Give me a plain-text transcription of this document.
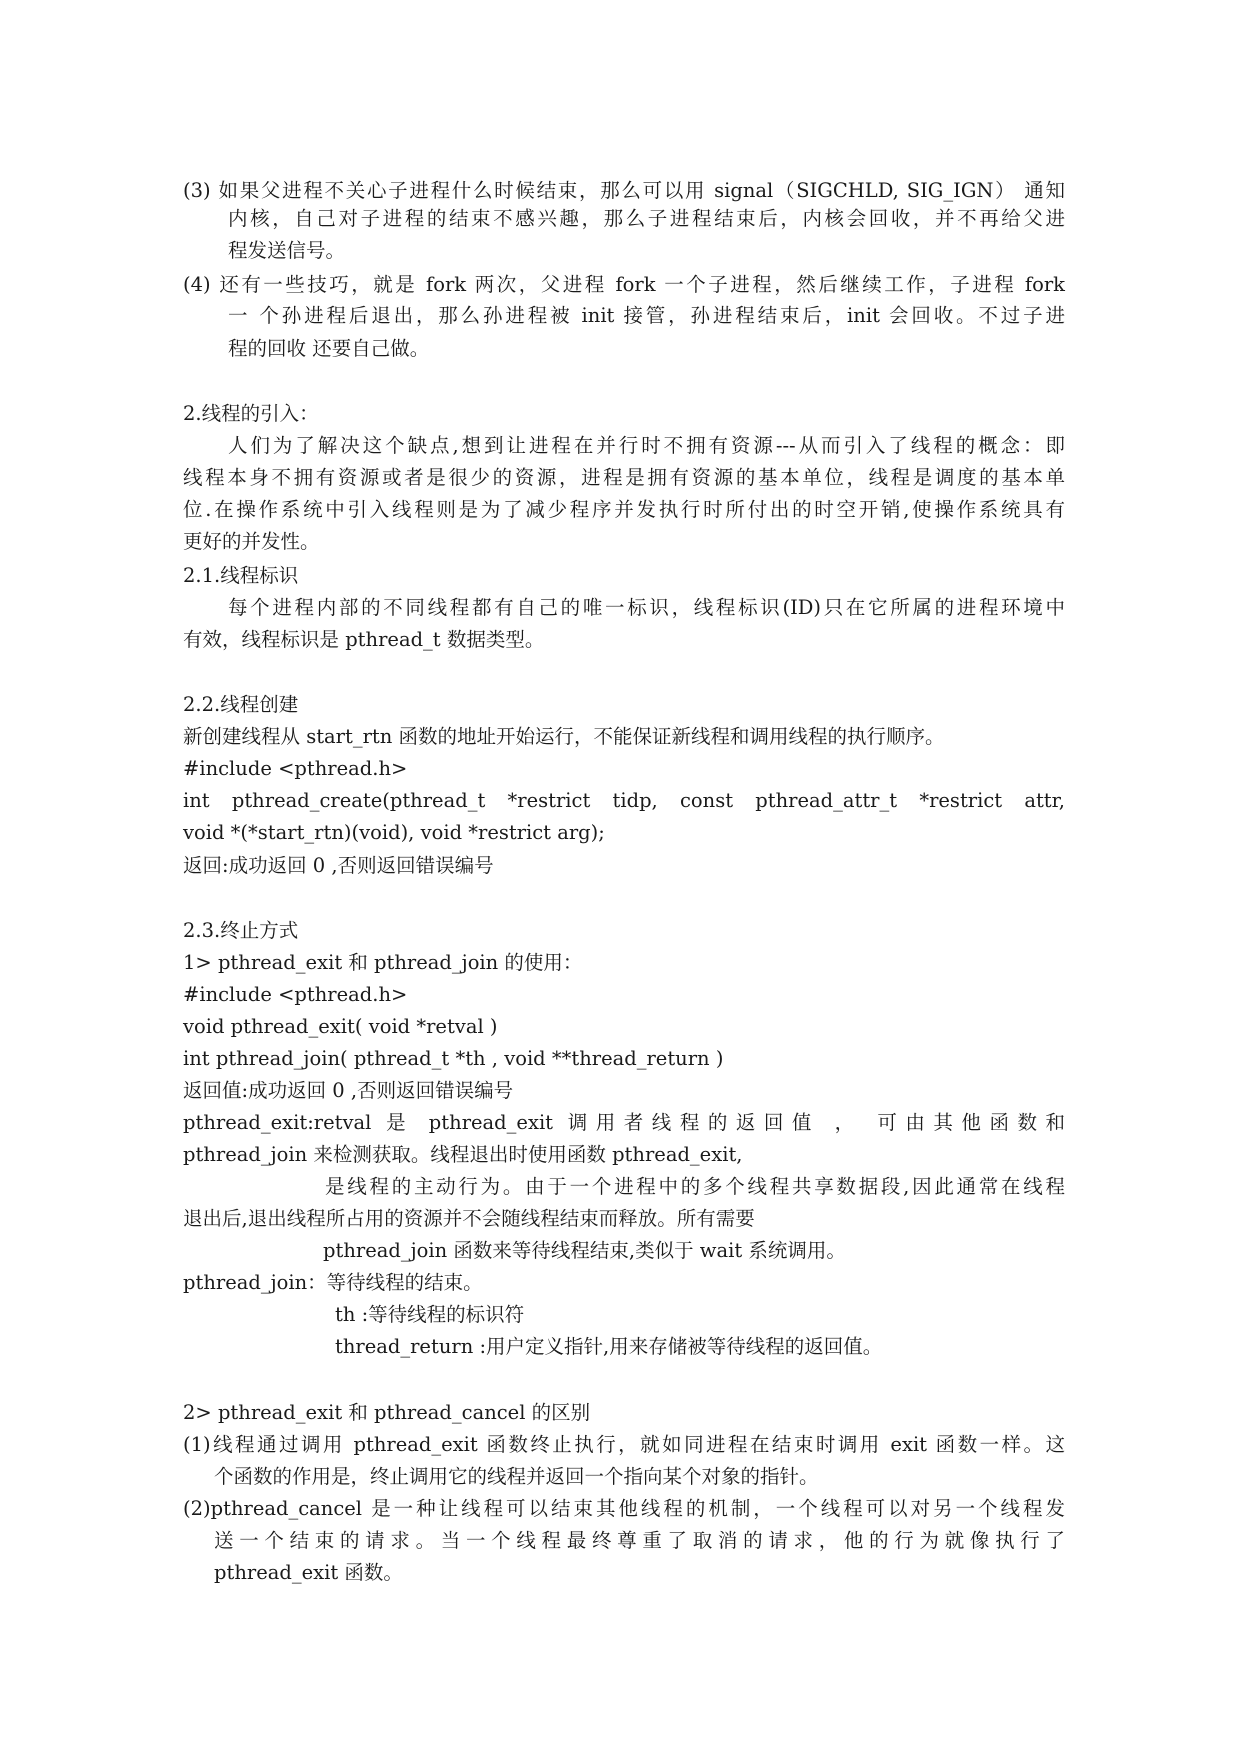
(3) 如果父进程不关心子进程什么时候结束，那么可以用 signal（SIGCHLD, SIG_IGN） 通知
内核，自己对子进程的结束不感兴趣，那么子进程结束后，内核会回收，并不再给父进
程发送信号。
(4) 还有一些技巧，就是 fork 两次，父进程 fork 一个子进程，然后继续工作，子进程 fork
一 个孙进程后退出，那么孙进程被 init 接管，孙进程结束后，init 会回收。不过子进
程的回收 还要自己做。
2.线程的引入：
人们为了解决这个缺点,想到让进程在并行时不拥有资源---从而引入了线程的概念：即
线程本身不拥有资源或者是很少的资源，进程是拥有资源的基本单位，线程是调度的基本单
位.在操作系统中引入线程则是为了减少程序并发执行时所付出的时空开销,使操作系统具有
更好的并发性。
2.1.线程标识
每个进程内部的不同线程都有自己的唯一标识，线程标识(ID)只在它所属的进程环境中
有效，线程标识是 pthread_t 数据类型。
2.2.线程创建
新创建线程从 start_rtn 函数的地址开始运行，不能保证新线程和调用线程的执行顺序。
#include <pthread.h>
int pthread_create(pthread_t *restrict tidp, const pthread_attr_t *restrict attr,
void *(*start_rtn)(void), void *restrict arg);
返回:成功返回 0 ,否则返回错误编号
2.3.终止方式
1> pthread_exit 和 pthread_join 的使用：
#include <pthread.h>
void pthread_exit( void *retval )
int pthread_join( pthread_t *th , void **thread_return )
返回值:成功返回 0 ,否则返回错误编号
pthread_exit:retval 是 pthread_exit 调用者线程的返回值 ， 可由其他函数和
pthread_join 来检测获取。线程退出时使用函数 pthread_exit,
是线程的主动行为。由于一个进程中的多个线程共享数据段,因此通常在线程
退出后,退出线程所占用的资源并不会随线程结束而释放。所有需要
pthread_join 函数来等待线程结束,类似于 wait 系统调用。
pthread_join：等待线程的结束。
th :等待线程的标识符
thread_return :用户定义指针,用来存储被等待线程的返回值。
2> pthread_exit 和 pthread_cancel 的区别
(1)线程通过调用 pthread_exit 函数终止执行，就如同进程在结束时调用 exit 函数一样。这
个函数的作用是，终止调用它的线程并返回一个指向某个对象的指针。
(2)pthread_cancel 是一种让线程可以结束其他线程的机制，一个线程可以对另一个线程发
送一个结束的请求。当一个线程最终尊重了取消的请求，他的行为就像执行了
pthread_exit 函数。
